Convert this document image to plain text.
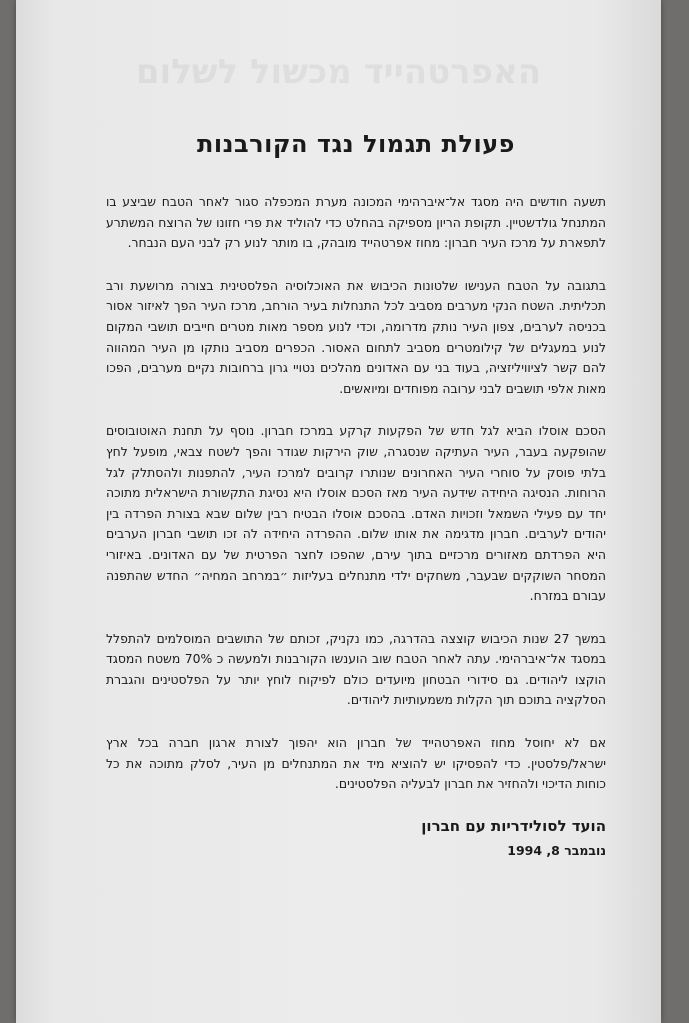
האפרטהייד מכשול לשלום
פעולת תגמול נגד הקורבנות

תשעה חודשים היה מסגד אל־איברהימי המכונה מערת המכפלה סגור לאחר הטבח שביצע בו המתנחל גולדשטיין. תקופת הריון מספיקה בהחלט כדי להוליד את פרי חזונו של הרוצח המשתרע לתפארת על מרכז העיר חברון: מחוז אפרטהייד מובהק, בו מותר לנוע רק לבני העם הנבחר.

בתגובה על הטבח הענישו שלטונות הכיבוש את האוכלוסיה הפלסטינית בצורה מרושעת ורב תכליתית. השטח הנקי מערבים מסביב לכל התנחלות בעיר הורחב, מרכז העיר הפך לאיזור אסור בכניסה לערבים, צפון העיר נותק מדרומה, וכדי לנוע מספר מאות מטרים חייבים תושבי המקום לנוע במעגלים של קילומטרים מסביב לתחום האסור. הכפרים מסביב נותקו מן העיר המהווה להם קשר לציוויליזציה, בעוד בני עם האדונים מהלכים נטויי גרון ברחובות נקיים מערבים, הפכו מאות אלפי תושבים לבני ערובה מפוחדים ומיואשים.

הסכם אוסלו הביא לגל חדש של הפקעות קרקע במרכז חברון. נוסף על תחנת האוטובוסים שהופקעה בעבר, העיר העתיקה שנסגרה, שוק הירקות שגודר והפך לשטח צבאי, מופעל לחץ בלתי פוסק על סוחרי העיר האחרונים שנותרו קרובים למרכז העיר, להתפנות ולהסתלק לגל הרוחות. הנסיגה היחידה שידעה העיר מאז הסכם אוסלו היא נסיגת התקשורת הישראלית מתוכה יחד עם פעילי השמאל וזכויות האדם. בהסכם אוסלו הבטיח רבין שלום שבא בצורת הפרדה בין יהודים לערבים. חברון מדגימה את אותו שלום. ההפרדה היחידה לה זכו תושבי חברון הערבים היא הפרדתם מאזורים מרכזיים בתוך עירם, שהפכו לחצר הפרטית של עם האדונים. באיזורי המסחר השוקקים שבעבר, משחקים ילדי מתנחלים בעליזות ״במרחב המחיה״ החדש שהתפנה עבורם במזרח.

במשך 27 שנות הכיבוש קוצצה בהדרגה, כמו נקניק, זכותם של התושבים המוסלמים להתפלל במסגד אל־איברהימי. עתה לאחר הטבח שוב הוענשו הקורבנות ולמעשה כ 70% משטח המסגד הוקצו ליהודים. גם סידורי הבטחון מיועדים כולם לפיקוח לוחץ יותר על הפלסטינים והגברת הסלקציה בתוכם תוך הקלות משמעותיות ליהודים.

אם לא יחוסל מחוז האפרטהייד של חברון הוא יהפוך לצורת ארגון חברה בכל ארץ ישראל/פלסטין. כדי להפסיקו יש להוציא מיד את המתנחלים מן העיר, לסלק מתוכה את כל כוחות הדיכוי ולהחזיר את חברון לבעליה הפלסטינים.

הועד לסולידריות עם חברון
נובמבר 8, 1994
